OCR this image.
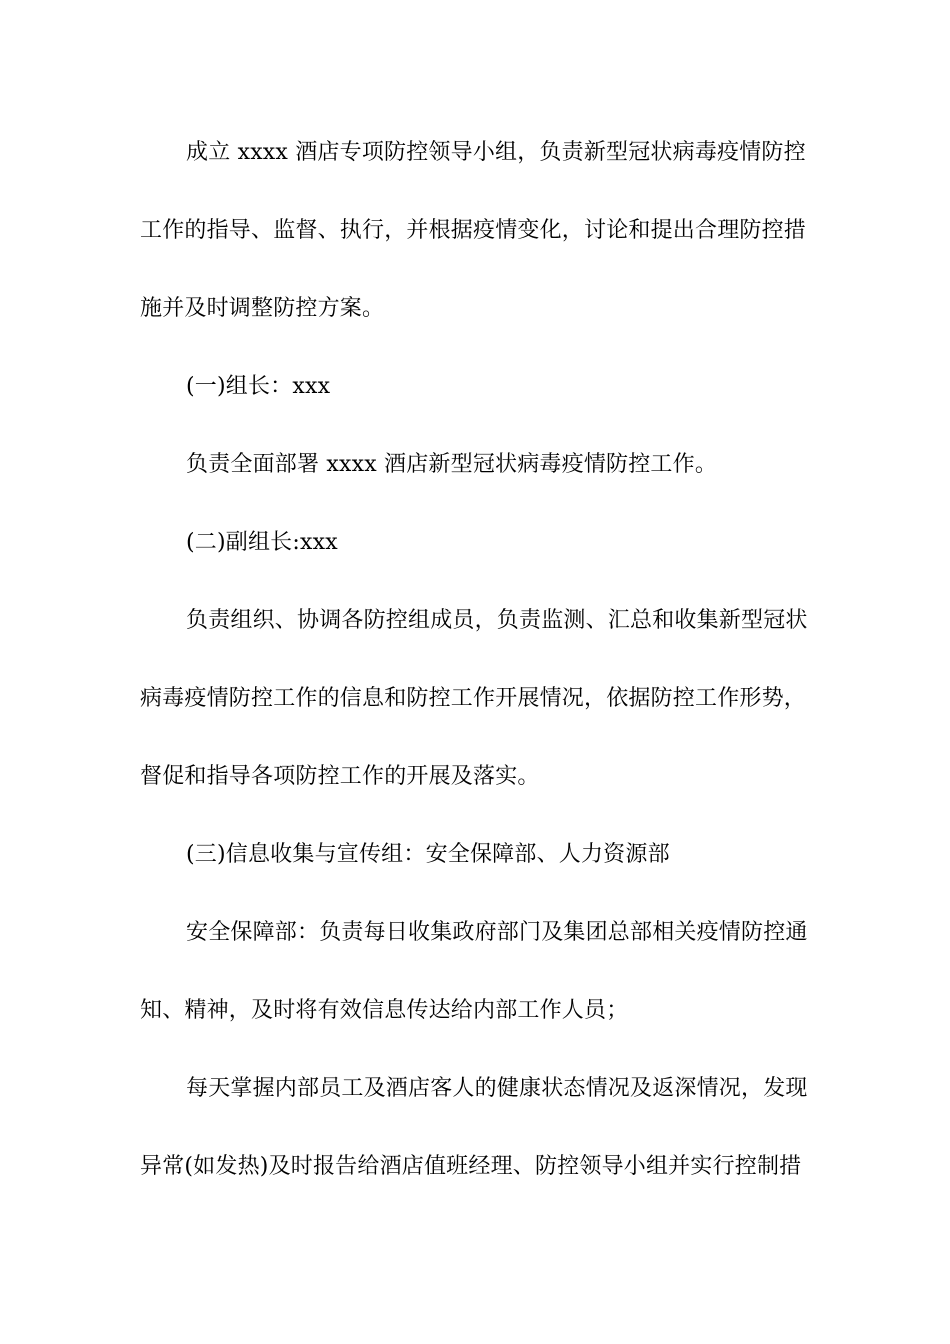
成立 xxxx 酒店专项防控领导小组，负责新型冠状病毒疫情防控
工作的指导、监督、执行，并根据疫情变化，讨论和提出合理防控措
施并及时调整防控方案。
(一)组长：xxx
负责全面部署 xxxx 酒店新型冠状病毒疫情防控工作。
(二)副组长:xxx
负责组织、协调各防控组成员，负责监测、汇总和收集新型冠状
病毒疫情防控工作的信息和防控工作开展情况，依据防控工作形势，
督促和指导各项防控工作的开展及落实。
(三)信息收集与宣传组：安全保障部、人力资源部
安全保障部：负责每日收集政府部门及集团总部相关疫情防控通
知、精神，及时将有效信息传达给内部工作人员；
每天掌握内部员工及酒店客人的健康状态情况及返深情况，发现
异常(如发热)及时报告给酒店值班经理、防控领导小组并实行控制措
